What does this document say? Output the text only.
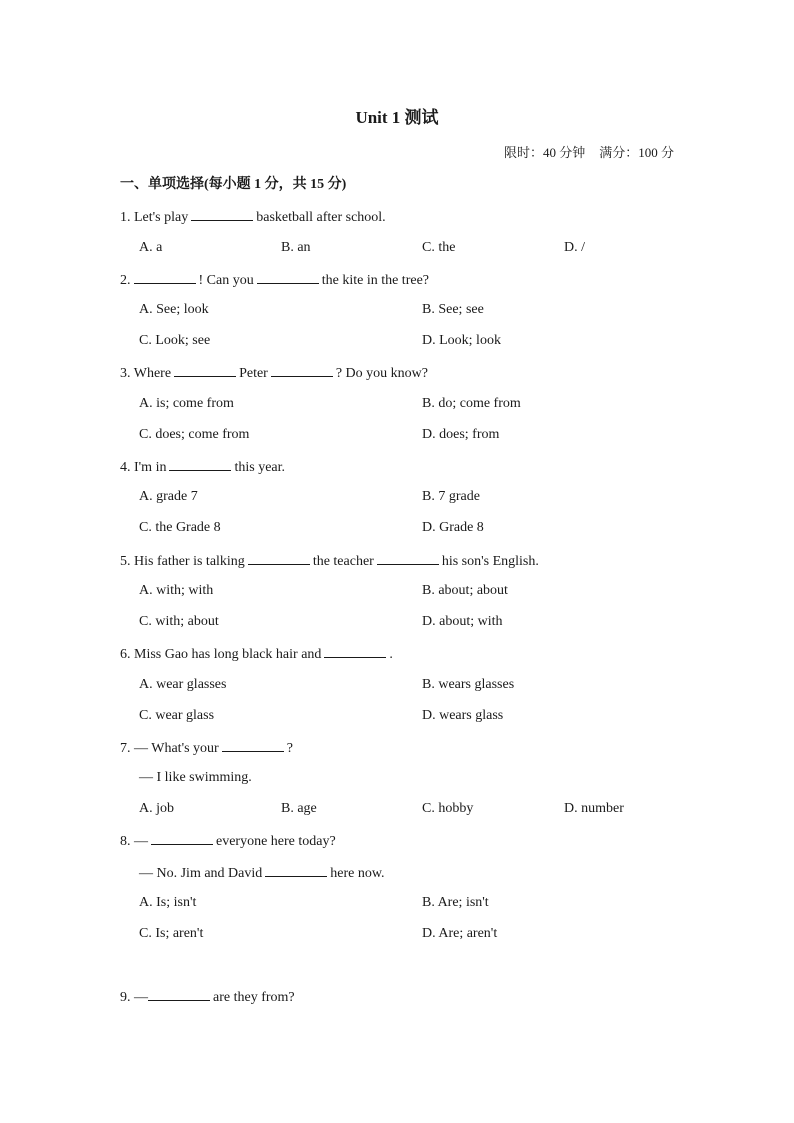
Unit 1 测试
限时：40 分钟 满分：100 分
一、单项选择(每小题 1 分，共 15 分)
1. Let's play	basketball after school.
A. a	B. an	C. the	D. /
2.	! Can you	the kite in the tree?
A. See; look	B. See; see
C. Look; see	D. Look; look
3. Where	Peter	? Do you know?
A. is; come from	B. do; come from
C. does; come from	D. does; from
4. I'm in	this year.
A. grade 7	B. 7 grade
C. the Grade 8	D. Grade 8
5. His father is talking	the teacher	his son's English.
A. with; with	B. about; about
C. with; about	D. about; with
6. Miss Gao has long black hair and	.
A. wear glasses	B. wears glasses
C. wear glass	D. wears glass
7. — What's your	?
— I like swimming.
A. job	B. age	C. hobby	D. number
8. —	everyone here today?
— No. Jim and David	here now.
A. Is; isn't	B. Are; isn't
C. Is; aren't	D. Are; aren't
9. —	are they from?
